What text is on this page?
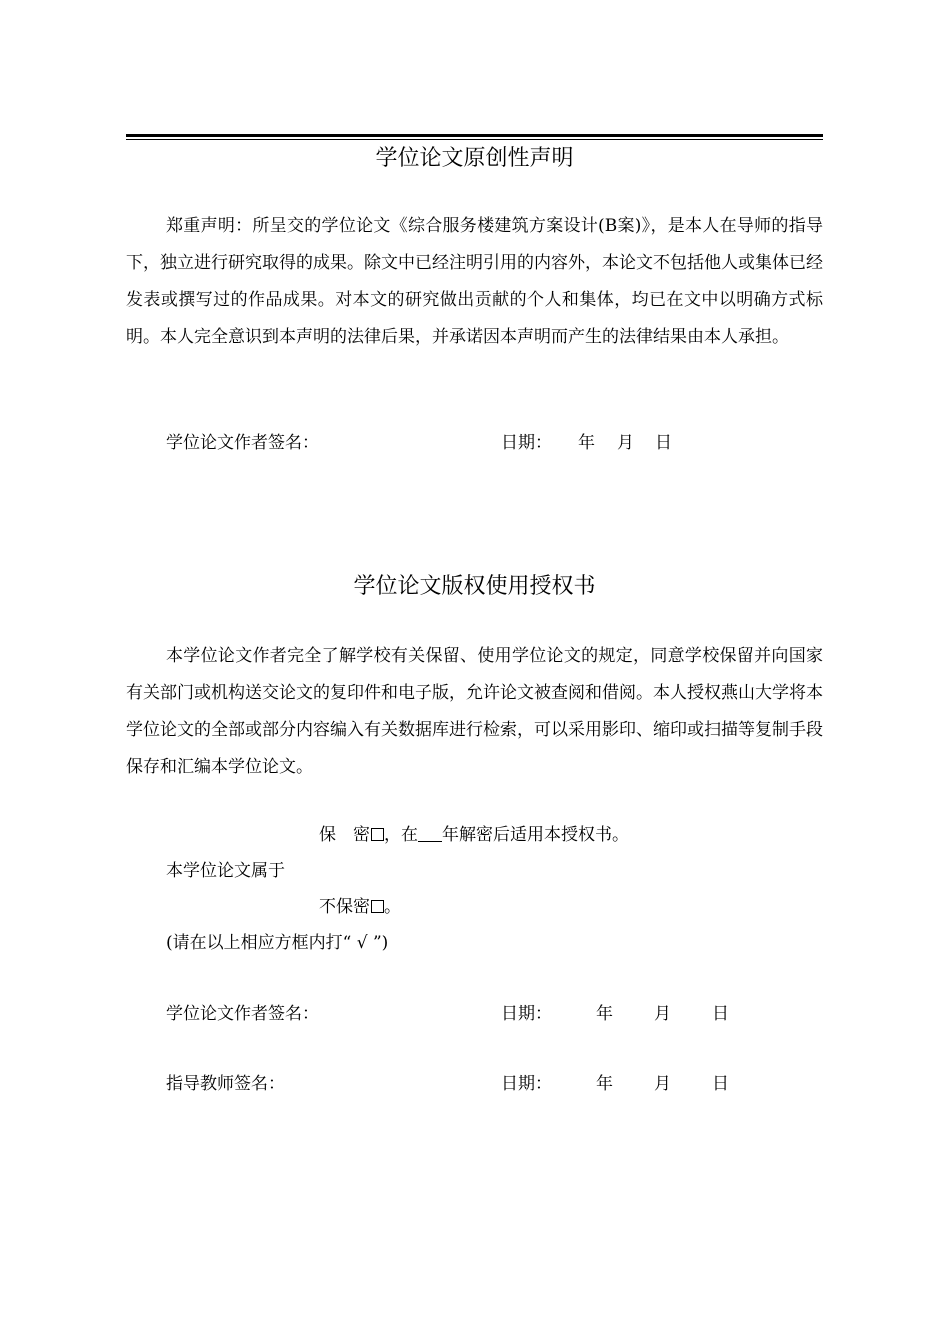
学位论文原创性声明

郑重声明：所呈交的学位论文《综合服务楼建筑方案设计(B案)》，是本人在导师的指导下，独立进行研究取得的成果。除文中已经注明引用的内容外，本论文不包括他人或集体已经发表或撰写过的作品成果。对本文的研究做出贡献的个人和集体，均已在文中以明确方式标明。本人完全意识到本声明的法律后果，并承诺因本声明而产生的法律结果由本人承担。

学位论文作者签名：	日期： 年 月 日
学位论文版权使用授权书

本学位论文作者完全了解学校有关保留、使用学位论文的规定，同意学校保留并向国家有关部门或机构送交论文的复印件和电子版，允许论文被查阅和借阅。本人授权燕山大学将本学位论文的全部或部分内容编入有关数据库进行检索，可以采用影印、缩印或扫描等复制手段保存和汇编本学位论文。

保　密 ，在 年解密后适用本授权书。
本学位论文属于
不保密 。
(请在以上相应方框内打“ √ ”)
学位论文作者签名：	日期：	年 月 日
指导教师签名：	日期：	年 月 日
